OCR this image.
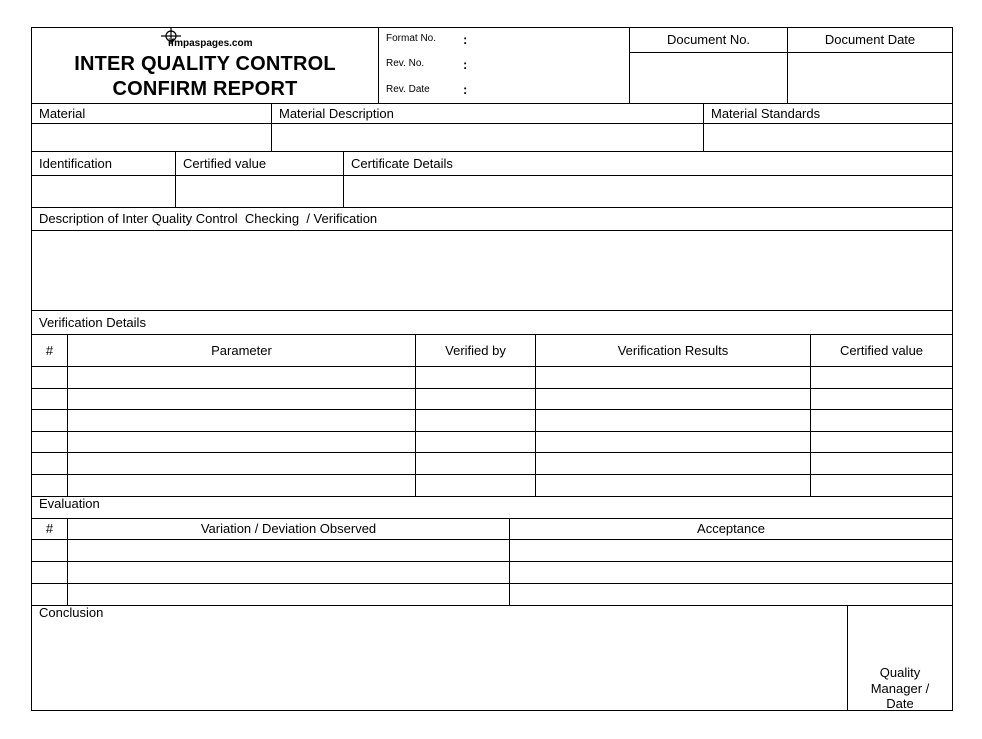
ifmpaspages.com
INTER QUALITY CONTROL
CONFIRM REPORT
Format No. :
Rev. No.	:
Rev. Date	:
Document No.	Document Date
Material	Material Description	Material Standards
Identification	Certified value	Certificate Details
Description of Inter Quality Control  Checking  / Verification
Verification Details
#	Parameter	Verified by	Verification Results	Certified value
Evaluation
#	Variation / Deviation Observed	Acceptance
Conclusion
Quality
Manager /
Date
